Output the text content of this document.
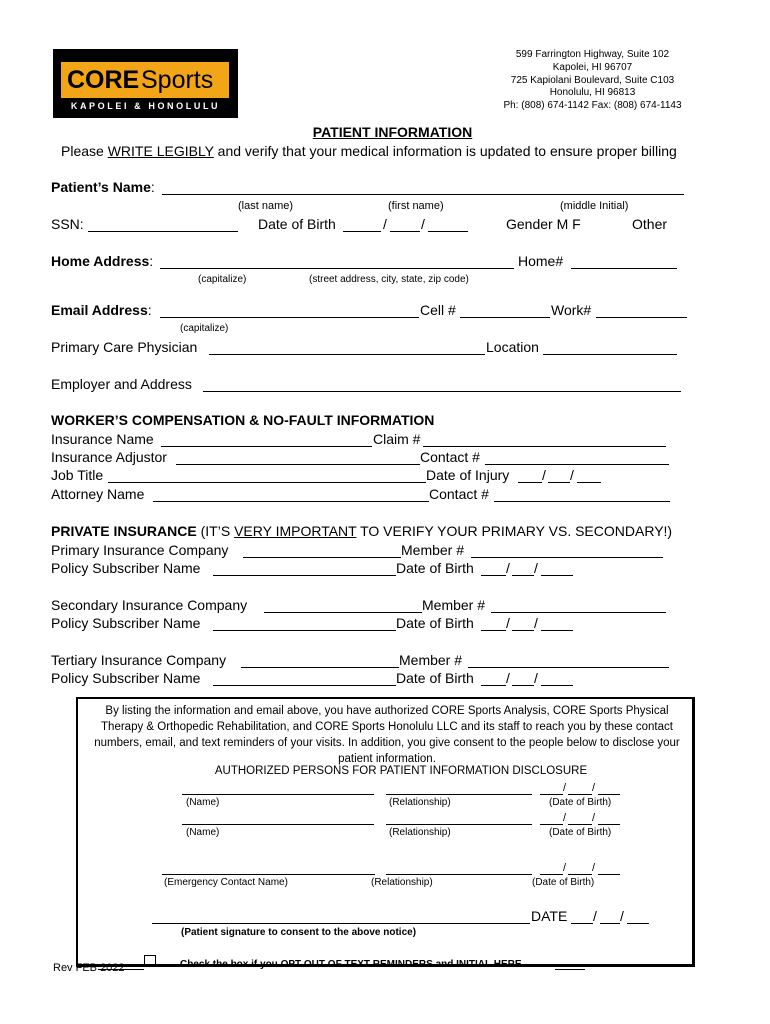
CORE Sports
KAPOLEI & HONOLULU
599 Farrington Highway, Suite 102
Kapolei, HI 96707
725 Kapiolani Boulevard, Suite C103
Honolulu, HI 96813
Ph: (808) 674-1142 Fax: (808) 674-1143
PATIENT INFORMATION
Please WRITE LEGIBLY and verify that your medical information is updated to ensure proper billing
Patient’s Name:
(last name)	(first name)	(middle Initial)
SSN:	Date of Birth	/ /	Gender M F	Other
Home Address:	Home#
(capitalize)	(street address, city, state, zip code)
Email Address:	Cell #	Work#
(capitalize)
Primary Care Physician	Location
Employer and Address
WORKER’S COMPENSATION & NO-FAULT INFORMATION
Insurance Name	Claim #
Insurance Adjustor	Contact #
Job Title	Date of Injury / /
Attorney Name	Contact #
PRIVATE INSURANCE (IT’S VERY IMPORTANT TO VERIFY YOUR PRIMARY VS. SECONDARY!)
Primary Insurance Company	Member #
Policy Subscriber Name	Date of Birth / /
Secondary Insurance Company	Member #
Policy Subscriber Name	Date of Birth / /
Tertiary Insurance Company	Member #
Policy Subscriber Name	Date of Birth / /
By listing the information and email above, you have authorized CORE Sports Analysis, CORE Sports Physical Therapy & Orthopedic Rehabilitation, and CORE Sports Honolulu LLC and its staff to reach you by these contact numbers, email, and text reminders of your visits. In addition, you give consent to the people below to disclose your patient information.
AUTHORIZED PERSONS FOR PATIENT INFORMATION DISCLOSURE
/ /
(Name)	(Relationship)	(Date of Birth)
/ /
(Name)	(Relationship)	(Date of Birth)
/ /
(Emergency Contact Name)	(Relationship)	(Date of Birth)
DATE / /
(Patient signature to consent to the above notice)
Check the box if you OPT OUT OF TEXT REMINDERS and INITIAL HERE
Rev FEB 2022
